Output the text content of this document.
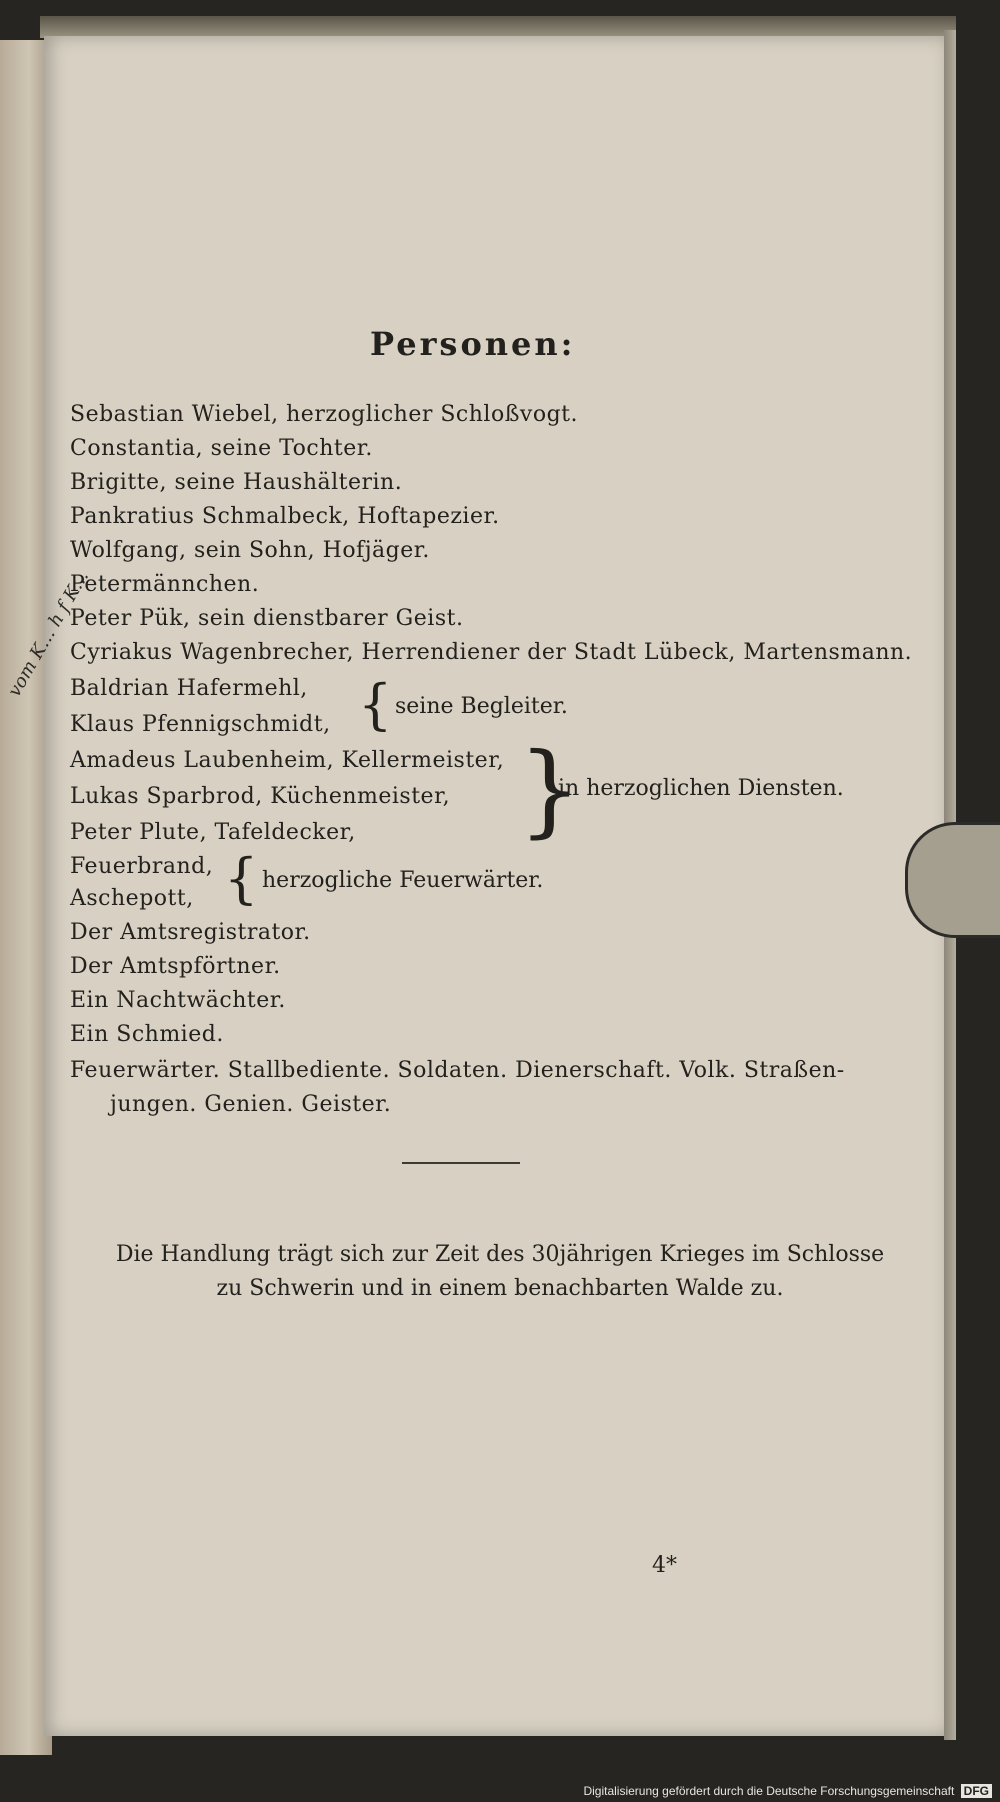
vom
Personen:
Sebastian Wiebel, herzoglicher Schloßvogt.
Constantia, seine Tochter.
Brigitte, seine Haushälterin.
Pankratius Schmalbeck, Hoftapezier.
Wolfgang, sein Sohn, Hofjäger.
Petermännchen.
Peter Pük, sein dienstbarer Geist.
Cyriakus Wagenbrecher, Herrendiener der Stadt Lübeck, Martensmann.
Baldrian Hafermehl,
Klaus Pfennigschmidt, { seine Begleiter.
Amadeus Laubenheim, Kellermeister,
Lukas Sparbrod, Küchenmeister,
Peter Plute, Tafeldecker, }
in herzoglichen Diensten.
Feuerbrand,
Aschepott, { herzogliche Feuerwärter.
Der Amtsregistrator.
Der Amtspförtner.
Ein Nachtwächter.
Ein Schmied.
Feuerwärter. Stallbediente. Soldaten. Dienerschaft. Volk. Straßen-
jungen. Genien. Geister.
Die Handlung trägt sich zur Zeit des 30jährigen Krieges im Schlosse
zu Schwerin und in einem benachbarten Walde zu.
4*
Digitalisierung gefördert durch die Deutsche Forschungsgemeinschaft DFG
